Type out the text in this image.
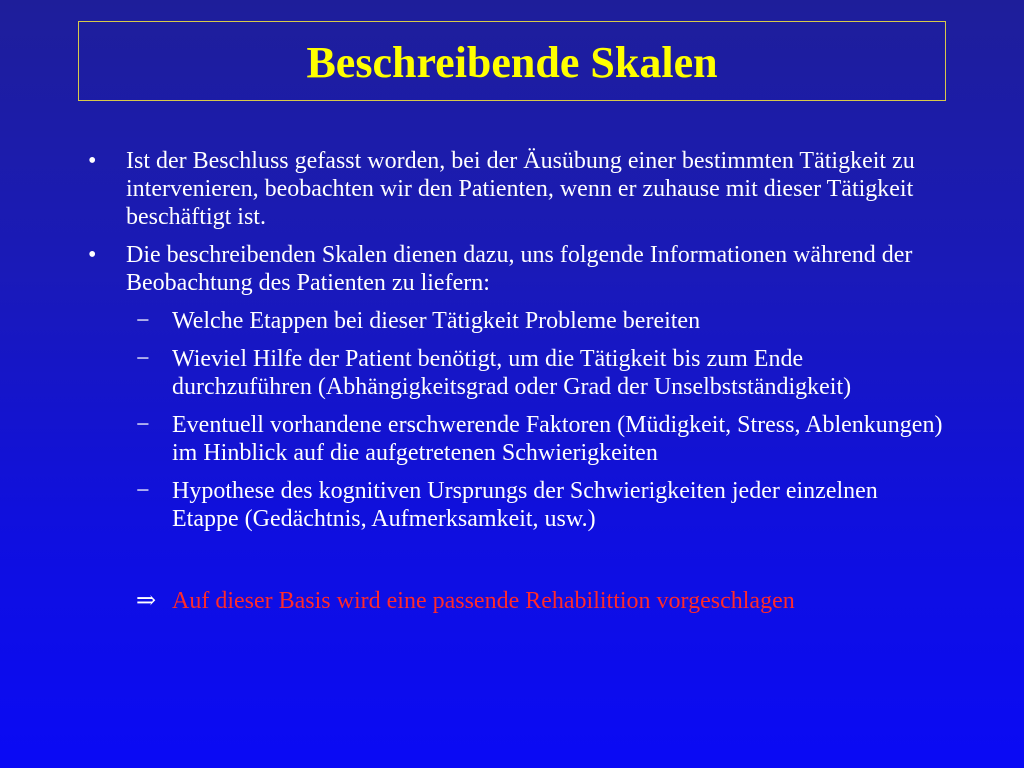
Beschreibende Skalen
• Ist der Beschluss gefasst worden, bei der Äusübung einer bestimmten Tätigkeit zu intervenieren, beobachten wir den Patienten, wenn er zuhause mit dieser Tätigkeit beschäftigt ist.
• Die beschreibenden Skalen dienen dazu, uns folgende Informationen während der Beobachtung des Patienten zu liefern:
− Welche Etappen bei dieser Tätigkeit Probleme bereiten
− Wieviel Hilfe der Patient benötigt, um die Tätigkeit bis zum Ende durchzuführen (Abhängigkeitsgrad oder Grad der Unselbstständigkeit)
− Eventuell vorhandene erschwerende Faktoren (Müdigkeit, Stress, Ablenkungen) im Hinblick auf die aufgetretenen Schwierigkeiten
− Hypothese des kognitiven Ursprungs der Schwierigkeiten jeder einzelnen Etappe (Gedächtnis, Aufmerksamkeit, usw.)
⇒ Auf dieser Basis wird eine passende Rehabilittion vorgeschlagen
